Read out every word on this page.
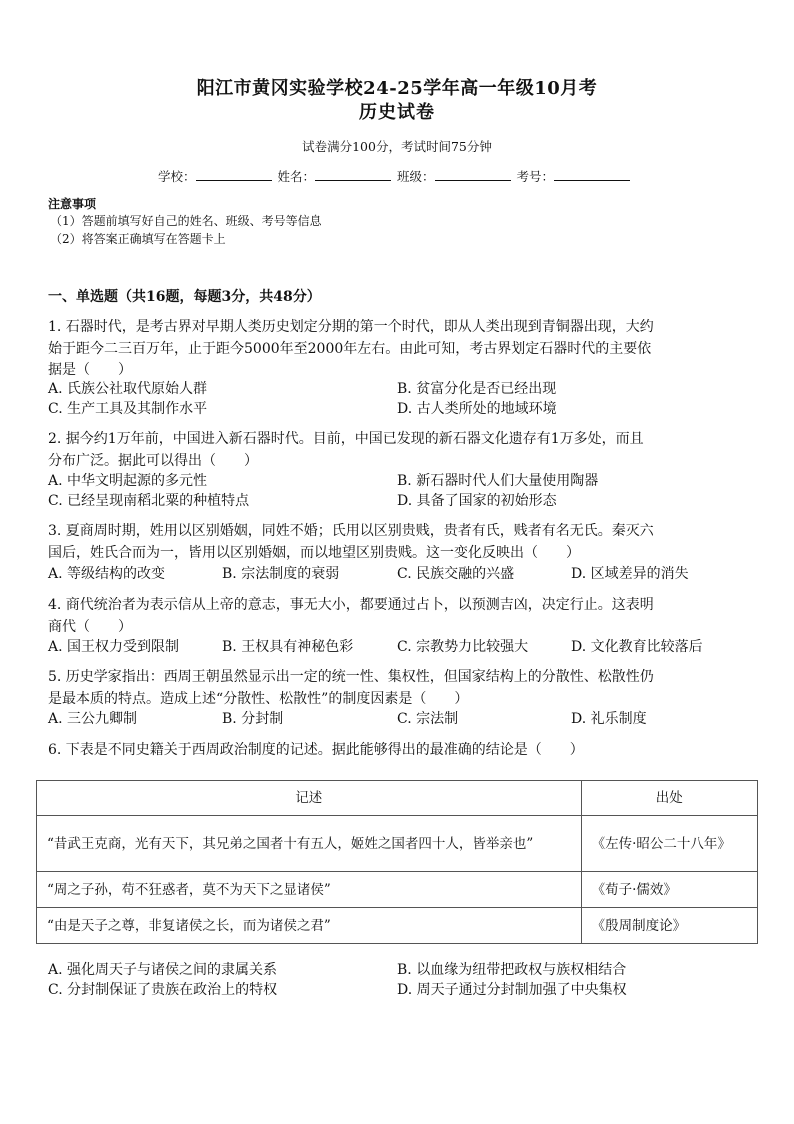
阳江市黄冈实验学校24-25学年高一年级10月考
历史试卷
试卷满分100分，考试时间75分钟
学校：	姓名：	班级：	考号：
注意事项
（1）答题前填写好自己的姓名、班级、考号等信息
（2）将答案正确填写在答题卡上
一、单选题（共16题，每题3分，共48分）
1. 石器时代，是考古界对早期人类历史划定分期的第一个时代，即从人类出现到青铜器出现，大约
始于距今二三百万年，止于距今5000年至2000年左右。由此可知，考古界划定石器时代的主要依
据是（　　）
A. 氏族公社取代原始人群	B. 贫富分化是否已经出现
C. 生产工具及其制作水平	D. 古人类所处的地域环境
2. 据今约1万年前，中国进入新石器时代。目前，中国已发现的新石器文化遗存有1万多处，而且
分布广泛。据此可以得出（　　）
A. 中华文明起源的多元性	B. 新石器时代人们大量使用陶器
C. 已经呈现南稻北粟的种植特点	D. 具备了国家的初始形态
3. 夏商周时期，姓用以区别婚姻，同姓不婚；氏用以区别贵贱，贵者有氏，贱者有名无氏。秦灭六
国后，姓氏合而为一，皆用以区别婚姻，而以地望区别贵贱。这一变化反映出（　　）
A. 等级结构的改变	B. 宗法制度的衰弱	C. 民族交融的兴盛	D. 区域差异的消失
4. 商代统治者为表示信从上帝的意志，事无大小，都要通过占卜，以预测吉凶，决定行止。这表明
商代（　　）
A. 国王权力受到限制	B. 王权具有神秘色彩	C. 宗教势力比较强大	D. 文化教育比较落后
5. 历史学家指出：西周王朝虽然显示出一定的统一性、集权性，但国家结构上的分散性、松散性仍
是最本质的特点。造成上述“分散性、松散性”的制度因素是（　　）
A. 三公九卿制	B. 分封制	C. 宗法制	D. 礼乐制度
6. 下表是不同史籍关于西周政治制度的记述。据此能够得出的最准确的结论是（　　）
记述	出处
“昔武王克商，光有天下，其兄弟之国者十有五人，姬姓之国者四十人，皆举亲也”	《左传·昭公二十八年》
“周之子孙，苟不狂惑者，莫不为天下之显诸侯”	《荀子·儒效》
“由是天子之尊，非复诸侯之长，而为诸侯之君”	《殷周制度论》
A. 强化周天子与诸侯之间的隶属关系	B. 以血缘为纽带把政权与族权相结合
C. 分封制保证了贵族在政治上的特权	D. 周天子通过分封制加强了中央集权
